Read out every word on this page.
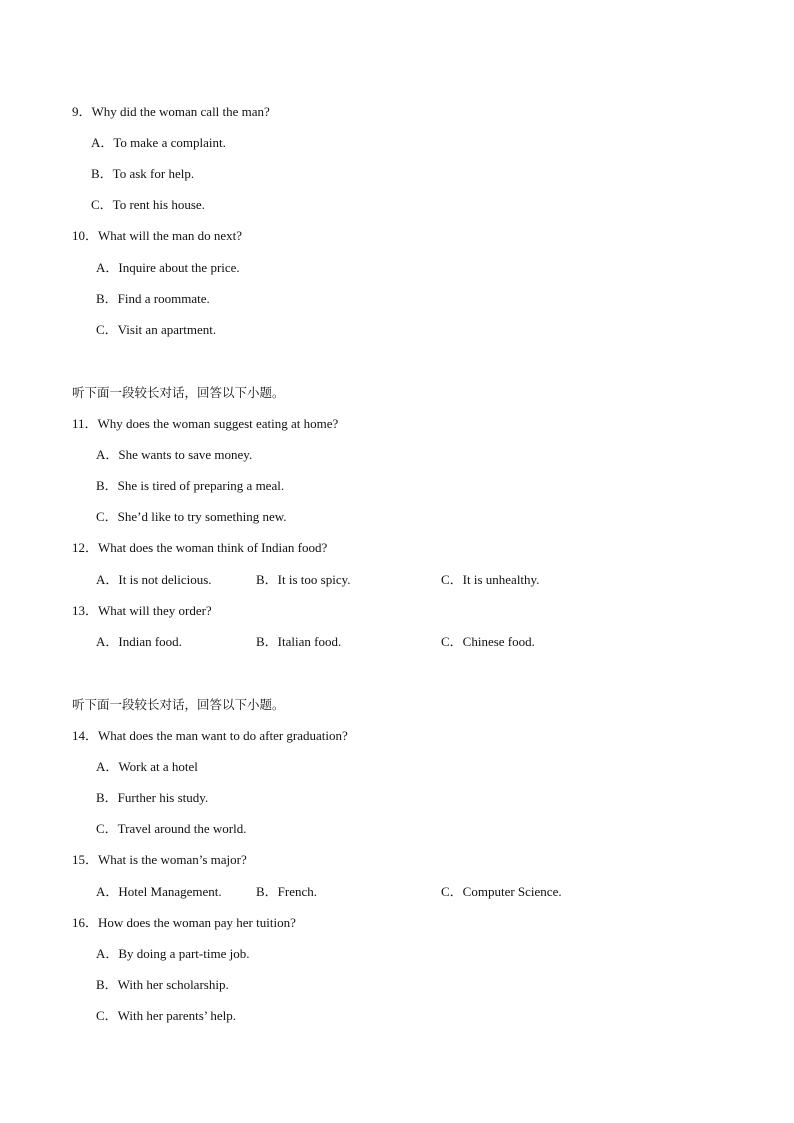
9．Why did the woman call the man?
A．To make a complaint.
B．To ask for help.
C．To rent his house.
10．What will the man do next?
A．Inquire about the price.
B．Find a roommate.
C．Visit an apartment.
听下面一段较长对话，回答以下小题。
11．Why does the woman suggest eating at home?
A．She wants to save money.
B．She is tired of preparing a meal.
C．She’d like to try something new.
12．What does the woman think of Indian food?
A．It is not delicious.	B．It is too spicy.	C．It is unhealthy.
13．What will they order?
A．Indian food.	B．Italian food.	C．Chinese food.
听下面一段较长对话，回答以下小题。
14．What does the man want to do after graduation?
A．Work at a hotel
B．Further his study.
C．Travel around the world.
15．What is the woman’s major?
A．Hotel Management.	B．French.	C．Computer Science.
16．How does the woman pay her tuition?
A．By doing a part-time job.
B．With her scholarship.
C．With her parents’ help.
